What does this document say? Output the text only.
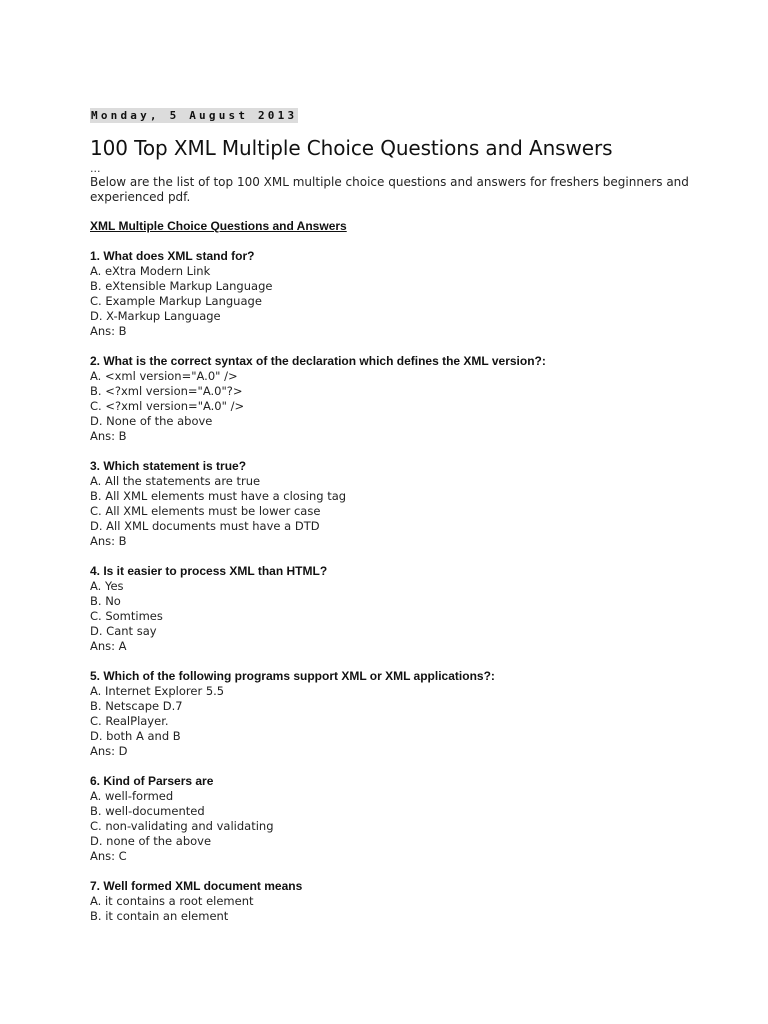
Monday, 5 August 2013
100 Top XML Multiple Choice Questions and Answers
...
Below are the list of top 100 XML multiple choice questions and answers for freshers beginners and experienced pdf.
XML Multiple Choice Questions and Answers
1. What does XML stand for?
A. eXtra Modern Link
B. eXtensible Markup Language
C. Example Markup Language
D. X-Markup Language
Ans: B
2. What is the correct syntax of the declaration which defines the XML version?:
A. <xml version="A.0" />
B. <?xml version="A.0"?>
C. <?xml version="A.0" />
D. None of the above
Ans: B
3. Which statement is true?
A. All the statements are true
B. All XML elements must have a closing tag
C. All XML elements must be lower case
D. All XML documents must have a DTD
Ans: B
4. Is it easier to process XML than HTML?
A. Yes
B. No
C. Somtimes
D. Cant say
Ans: A
5. Which of the following programs support XML or XML applications?:
A. Internet Explorer 5.5
B. Netscape D.7
C. RealPlayer.
D. both A and B
Ans: D
6. Kind of Parsers are
A. well-formed
B. well-documented
C. non-validating and validating
D. none of the above
Ans: C
7. Well formed XML document means
A. it contains a root element
B. it contain an element
